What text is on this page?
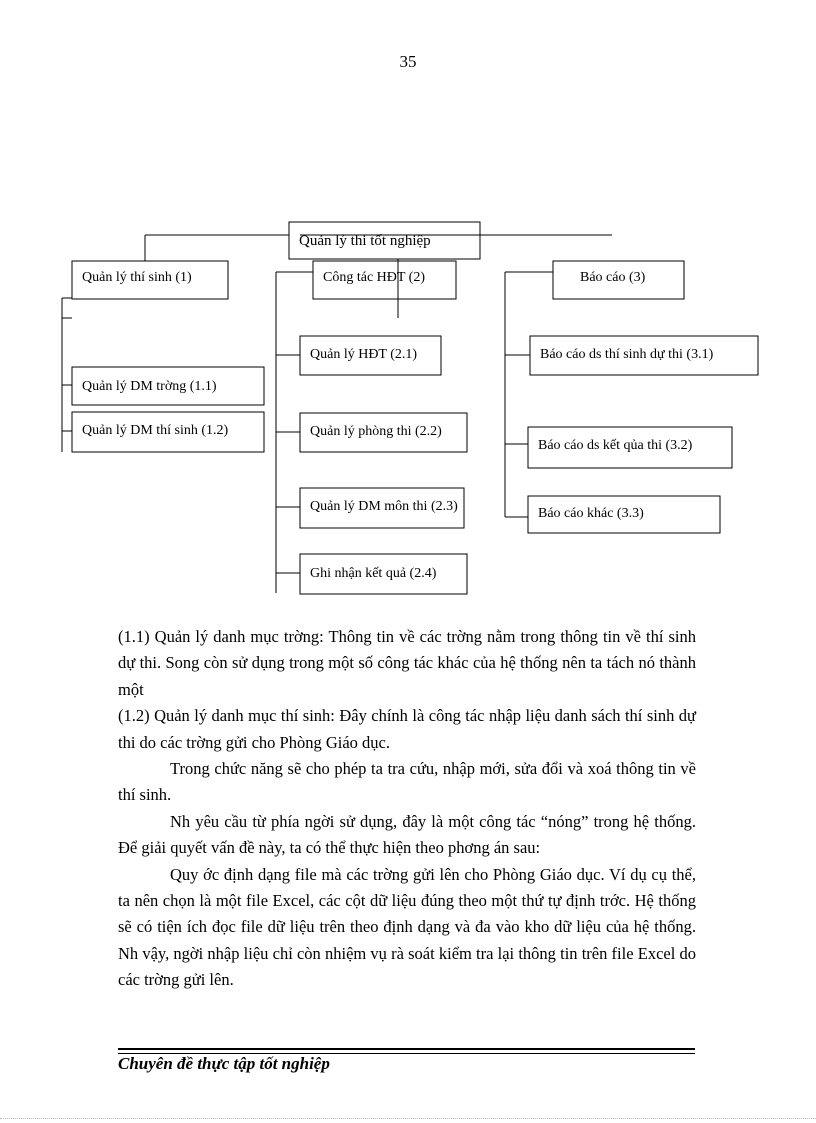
35
Quản lý thi tốt nghiệp
Quản lý thí sinh (1)
Quản lý DM trờng (1.1)
Quản lý DM thí sinh (1.2)
Công tác HĐT (2)
Quản lý HĐT (2.1)
Quản lý phòng thi (2.2)
Quản lý DM môn thi (2.3)
Ghi nhận kết quả (2.4)
Báo cáo (3)
Báo cáo ds thí sinh dự thi (3.1)
Báo cáo ds kết qủa thi (3.2)
Báo cáo khác (3.3)

(1.1) Quản lý danh mục trờng: Thông tin về các trờng nằm trong thông tin về thí sinh dự thi. Song còn sử dụng trong một số công tác khác của hệ thống nên ta tách nó thành một

(1.2) Quản lý danh mục thí sinh: Đây chính là công tác nhập liệu danh sách thí sinh dự thi do các trờng gửi cho Phòng Giáo dục.

Trong chức năng sẽ cho phép ta tra cứu, nhập mới, sửa đổi và xoá thông tin về thí sinh.

Nh yêu cầu từ phía ngời sử dụng, đây là một công tác “nóng” trong hệ thống. Để giải quyết vấn đề này, ta có thể thực hiện theo phơng án sau:

Quy ớc định dạng file mà các trờng gửi lên cho Phòng Giáo dục. Ví dụ cụ thể, ta nên chọn là một file Excel, các cột dữ liệu đúng theo một thứ tự định trớc. Hệ thống sẽ có tiện ích đọc file dữ liệu trên theo định dạng và đa vào kho dữ liệu của hệ thống. Nh vậy, ngời nhập liệu chỉ còn nhiệm vụ rà soát kiểm tra lại thông tin trên file Excel do các trờng gửi lên.

Chuyên đề thực tập tốt nghiệp
